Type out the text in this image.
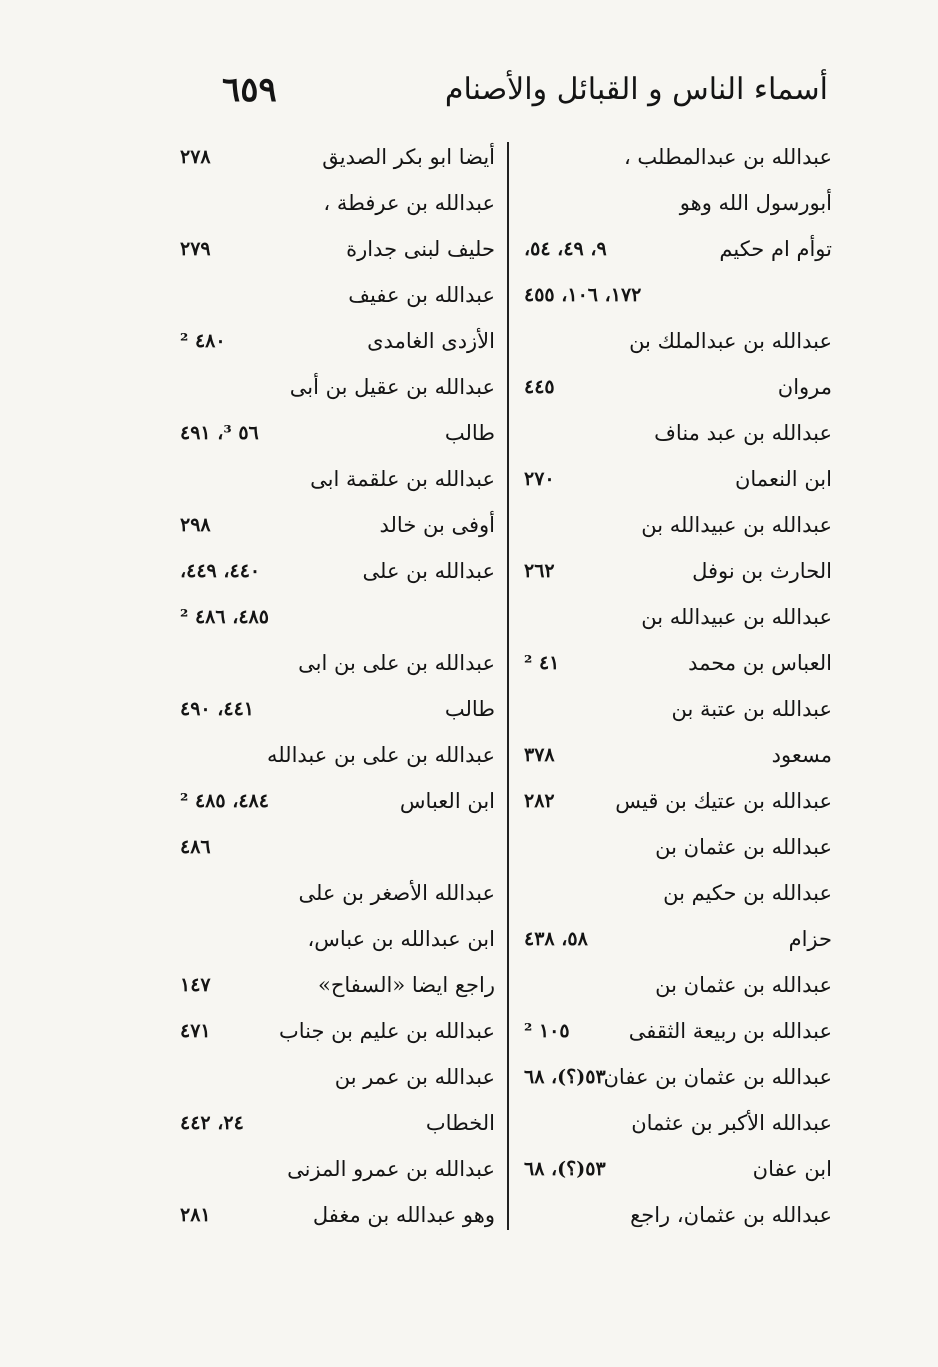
أسماء الناس و القبائل والأصنام
٦٥٩
عبدالله بن عبدالمطلب ،
أبورسول الله وهو
توأم ام حكيم
٩، ٤٩، ٥٤،
١٧٢، ١٠٦، ٤٥٥
عبدالله بن عبدالملك بن
مروان
٤٤٥
عبدالله بن عبد مناف
ابن النعمان
٢٧٠
عبدالله بن عبيدالله بن
الحارث بن نوفل
٢٦٢
عبدالله بن عبيدالله بن
العباس بن محمد
٤١ ²
عبدالله بن عتبة بن
مسعود
٣٧٨
عبدالله بن عتيك بن قيس
٢٨٢
عبدالله بن عثمان بن
عبدالله بن حكيم بن
حزام
٥٨، ٤٣٨
عبدالله بن عثمان بن
عبدالله بن ربيعة الثقفى
١٠٥ ²
عبدالله بن عثمان بن عفان
٥٣(؟)، ٦٨
عبدالله الأكبر بن عثمان
ابن عفان
٥٣(؟)، ٦٨
عبدالله بن عثمان، راجع
أيضا ابو بكر الصديق
٢٧٨
عبدالله بن عرفطة ،
حليف لبنى جدارة
٢٧٩
عبدالله بن عفيف
الأزدى الغامدى
٤٨٠ ²
عبدالله بن عقيل بن أبى
طالب
٥٦ ³، ٤٩١
عبدالله بن علقمة ابى
أوفى بن خالد
٢٩٨
عبدالله بن على
٤٤٠، ٤٤٩،
٤٨٥، ٤٨٦ ²
عبدالله بن على بن ابى
طالب
٤٤١، ٤٩٠
عبدالله بن على بن عبدالله
ابن العباس
٤٨٤، ٤٨٥ ²
٤٨٦
عبدالله الأصغر بن على
ابن عبدالله بن عباس،
راجع ايضا «السفاح»
١٤٧
عبدالله بن عليم بن جناب
٤٧١
عبدالله بن عمر بن
الخطاب
٢٤، ٤٤٢
عبدالله بن عمرو المزنى
وهو عبدالله بن مغفل
٢٨١
